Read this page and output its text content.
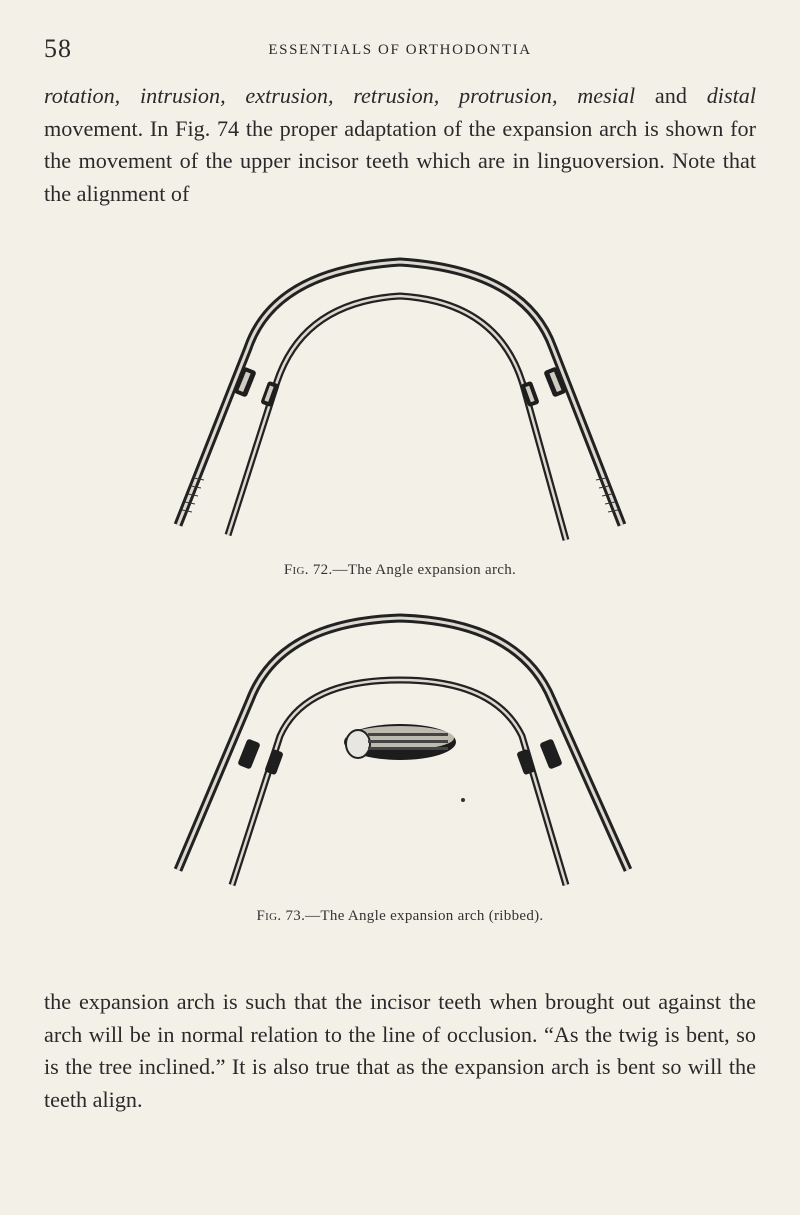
58	ESSENTIALS OF ORTHODONTIA

rotation, intrusion, extrusion, retrusion, protrusion, mesial and distal movement. In Fig. 74 the proper adaptation of the expansion arch is shown for the movement of the upper incisor teeth which are in linguoversion. Note that the alignment of

Fig. 72.—The Angle expansion arch.
Fig. 73.—The Angle expansion arch (ribbed).

the expansion arch is such that the incisor teeth when brought out against the arch will be in normal relation to the line of occlusion. “As the twig is bent, so is the tree inclined.” It is also true that as the expansion arch is bent so will the teeth align.
